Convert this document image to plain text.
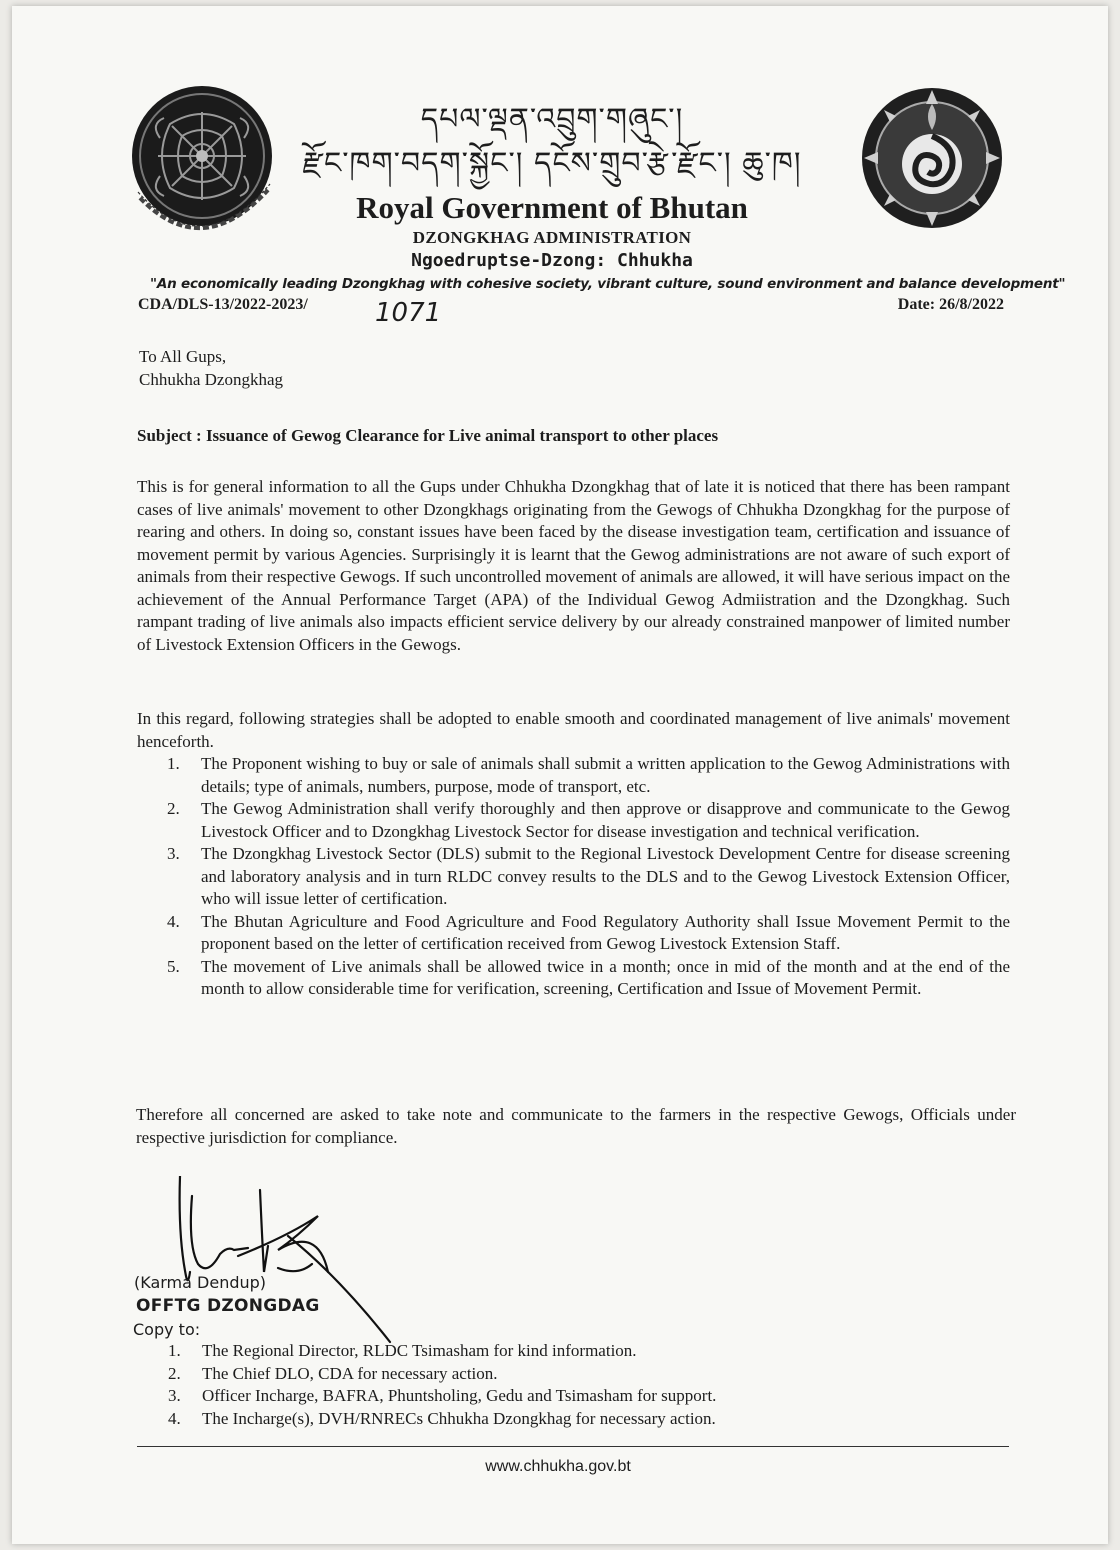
དཔལ་ལྡན་འབྲུག་གཞུང་།
རྫོང་ཁག་བདག་སྐྱོང་། དངོས་གྲུབ་རྩེ་རྫོང་། ཆུ་ཁ།
Royal Government of Bhutan
DZONGKHAG ADMINISTRATION
Ngoedruptse-Dzong: Chhukha
"An economically leading Dzongkhag with cohesive society, vibrant culture, sound environment and balance development"
CDA/DLS-13/2022-2023/	1071	Date: 26/8/2022
To All Gups,
Chhukha Dzongkhag
Subject : Issuance of Gewog Clearance for Live animal transport to other places
This is for general information to all the Gups under Chhukha Dzongkhag that of late it is noticed that there has been rampant cases of live animals' movement to other Dzongkhags originating from the Gewogs of Chhukha Dzongkhag for the purpose of rearing and others. In doing so, constant issues have been faced by the disease investigation team, certification and issuance of movement permit by various Agencies. Surprisingly it is learnt that the Gewog administrations are not aware of such export of animals from their respective Gewogs. If such uncontrolled movement of animals are allowed, it will have serious impact on the achievement of the Annual Performance Target (APA) of the Individual Gewog Admiistration and the Dzongkhag. Such rampant trading of live animals also impacts efficient service delivery by our already constrained manpower of limited number of Livestock Extension Officers in the Gewogs.
In this regard, following strategies shall be adopted to enable smooth and coordinated management of live animals' movement henceforth.
1. The Proponent wishing to buy or sale of animals shall submit a written application to the Gewog Administrations with details; type of animals, numbers, purpose, mode of transport, etc.
2. The Gewog Administration shall verify thoroughly and then approve or disapprove and communicate to the Gewog Livestock Officer and to Dzongkhag Livestock Sector for disease investigation and technical verification.
3. The Dzongkhag Livestock Sector (DLS) submit to the Regional Livestock Development Centre for disease screening and laboratory analysis and in turn RLDC convey results to the DLS and to the Gewog Livestock Extension Officer, who will issue letter of certification.
4. The Bhutan Agriculture and Food Agriculture and Food Regulatory Authority shall Issue Movement Permit to the proponent based on the letter of certification received from Gewog Livestock Extension Staff.
5. The movement of Live animals shall be allowed twice in a month; once in mid of the month and at the end of the month to allow considerable time for verification, screening, Certification and Issue of Movement Permit.
Therefore all concerned are asked to take note and communicate to the farmers in the respective Gewogs, Officials under respective jurisdiction for compliance.
(Karma Dendup)
OFFTG DZONGDAG
Copy to:
1. The Regional Director, RLDC Tsimasham for kind information.
2. The Chief DLO, CDA for necessary action.
3. Officer Incharge, BAFRA, Phuntsholing, Gedu and Tsimasham for support.
4. The Incharge(s), DVH/RNRECs Chhukha Dzongkhag for necessary action.
www.chhukha.gov.bt
